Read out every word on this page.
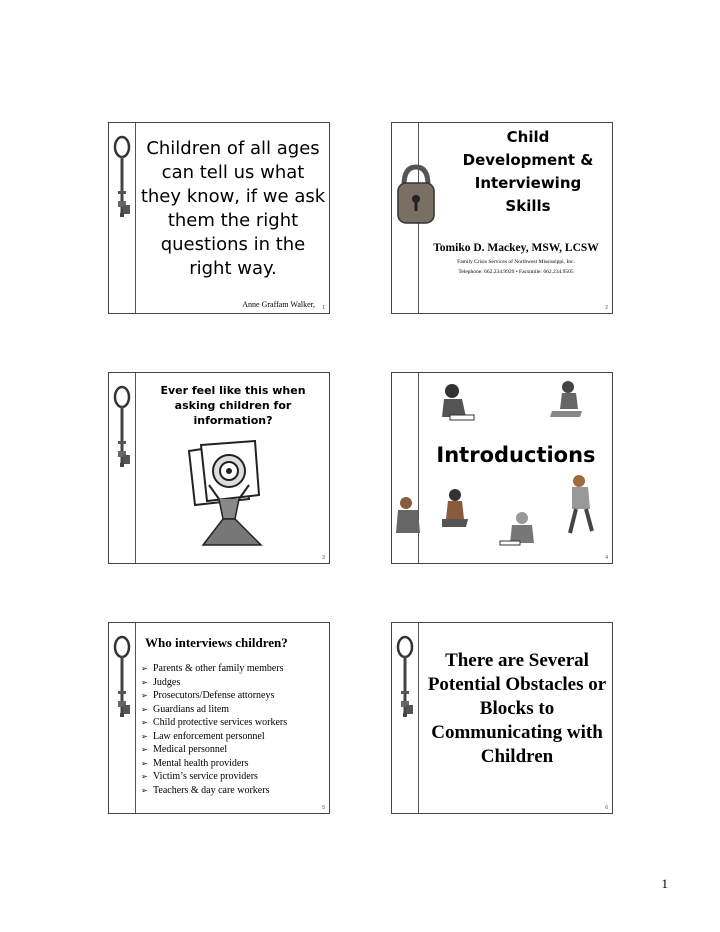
Children of all ages can tell us what they know, if we ask them the right questions in the right way.
Anne Graffam Walker, 1
Child Development & Interviewing Skills
Tomiko D. Mackey, MSW, LCSW
Family Crisis Services of Northwest Mississippi, Inc.
Telephone: 662.234.9929 • Facsimile: 662.234.9505
2
Ever feel like this when asking children for information?
3
Introductions
4
Who interviews children?
➢ Parents & other family members
➢ Judges
➢ Prosecutors/Defense attorneys
➢ Guardians ad litem
➢ Child protective services workers
➢ Law enforcement personnel
➢ Medical personnel
➢ Mental health providers
➢ Victim’s service providers
➢ Teachers & day care workers
5
There are Several Potential Obstacles or Blocks to Communicating with Children
6
1
